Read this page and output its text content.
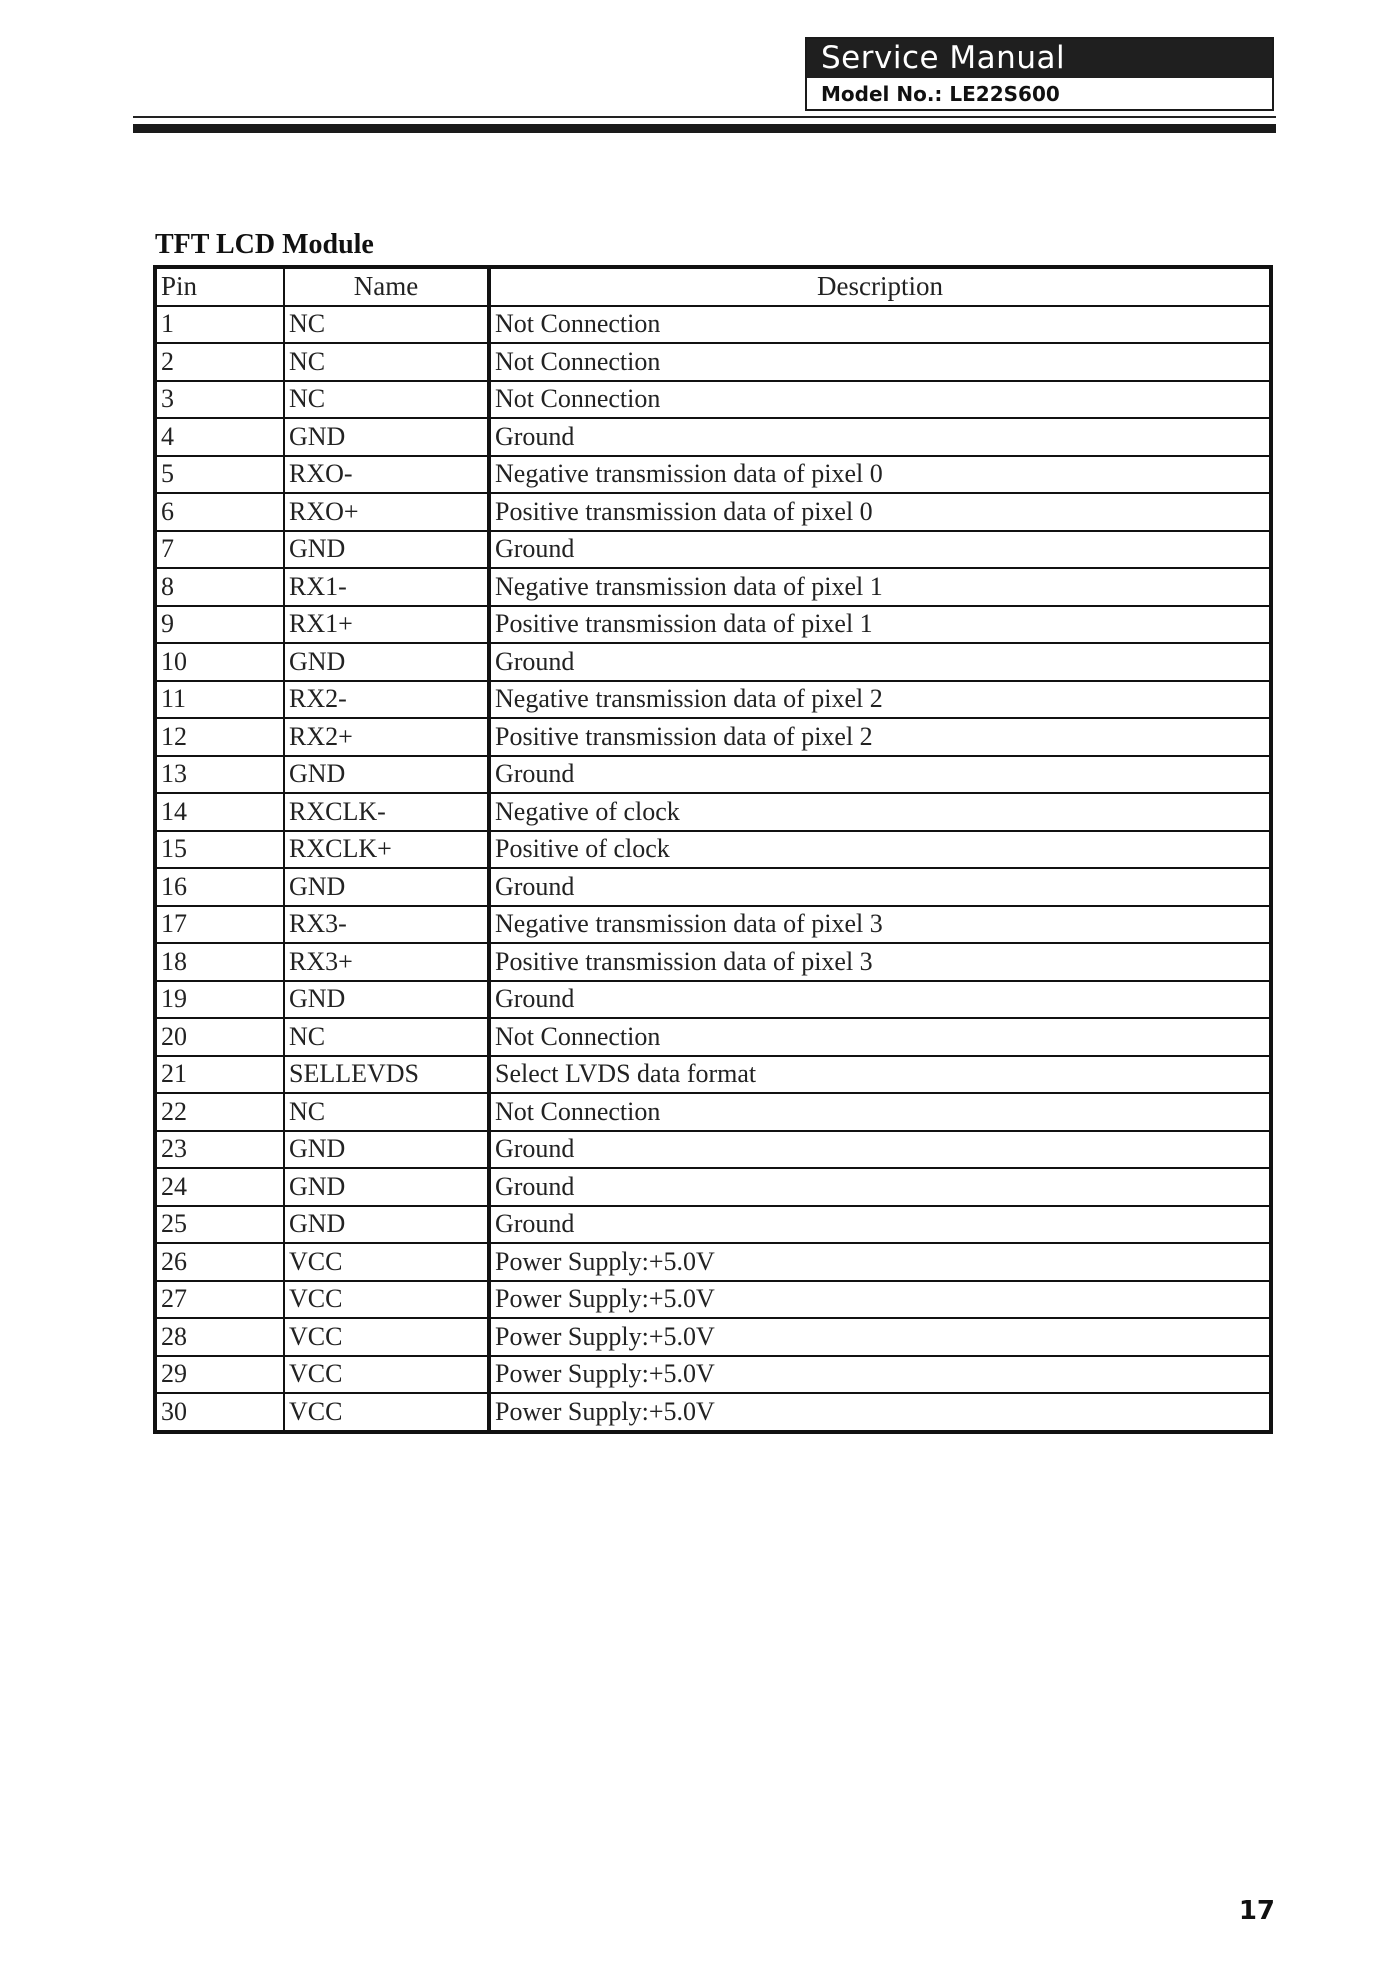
Service Manual
Model No.: LE22S600
TFT LCD Module
Pin	Name	Description
1	NC	Not Connection
2	NC	Not Connection
3	NC	Not Connection
4	GND	Ground
5	RXO-	Negative transmission data of pixel 0
6	RXO+	Positive transmission data of pixel 0
7	GND	Ground
8	RX1-	Negative transmission data of pixel 1
9	RX1+	Positive transmission data of pixel 1
10	GND	Ground
11	RX2-	Negative transmission data of pixel 2
12	RX2+	Positive transmission data of pixel 2
13	GND	Ground
14	RXCLK-	Negative of clock
15	RXCLK+	Positive of clock
16	GND	Ground
17	RX3-	Negative transmission data of pixel 3
18	RX3+	Positive transmission data of pixel 3
19	GND	Ground
20	NC	Not Connection
21	SELLEVDS	Select LVDS data format
22	NC	Not Connection
23	GND	Ground
24	GND	Ground
25	GND	Ground
26	VCC	Power Supply:+5.0V
27	VCC	Power Supply:+5.0V
28	VCC	Power Supply:+5.0V
29	VCC	Power Supply:+5.0V
30	VCC	Power Supply:+5.0V
17
